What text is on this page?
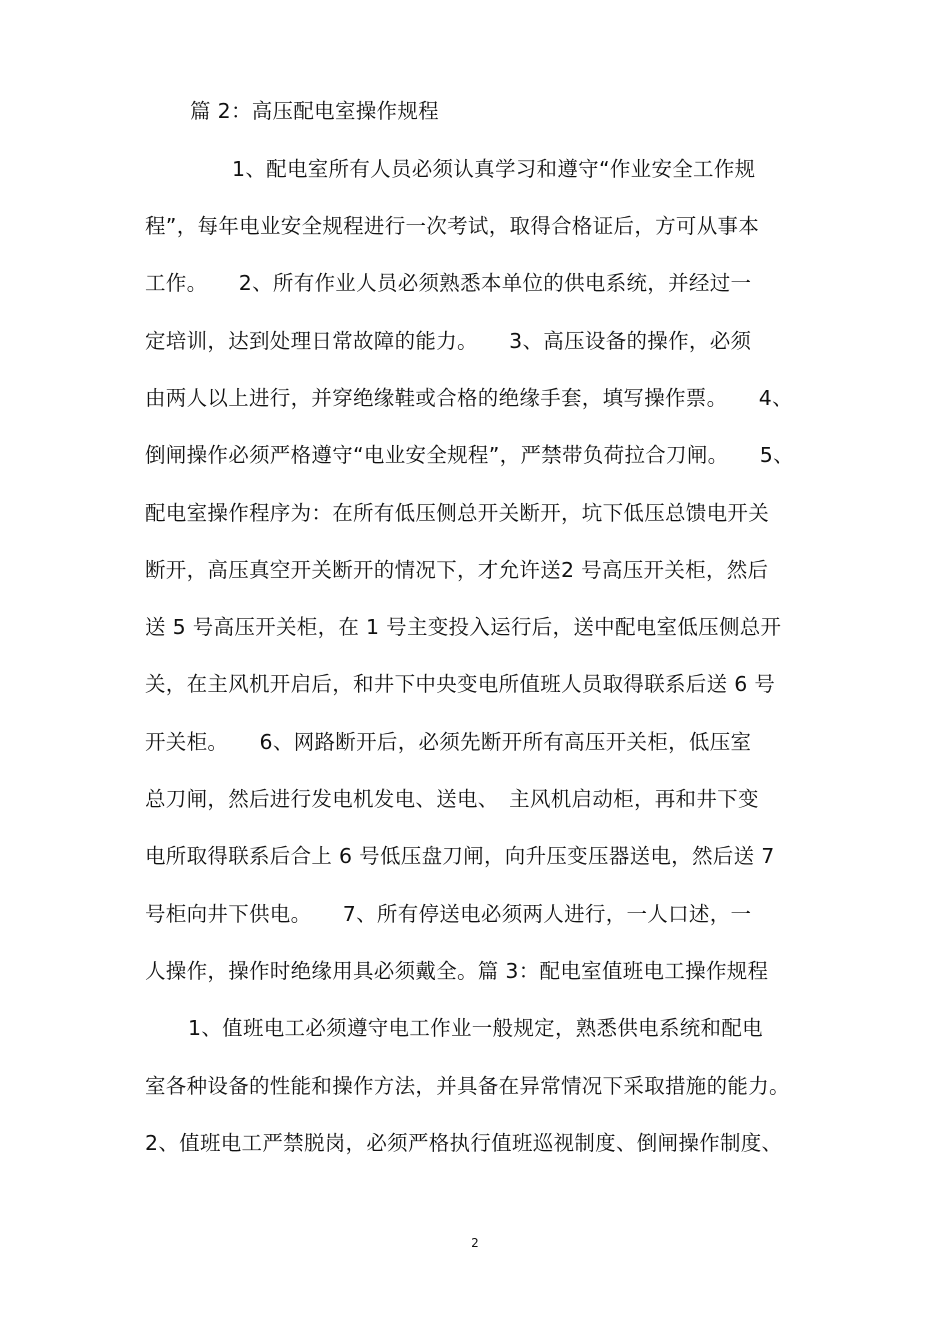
篇 2：高压配电室操作规程
1、配电室所有人员必须认真学习和遵守“作业安全工作规
程”，每年电业安全规程进行一次考试，取得合格证后，方可从事本
工作。　　2、所有作业人员必须熟悉本单位的供电系统，并经过一
定培训，达到处理日常故障的能力。　　3、高压设备的操作，必须
由两人以上进行，并穿绝缘鞋或合格的绝缘手套，填写操作票。　　4、
倒闸操作必须严格遵守“电业安全规程”，严禁带负荷拉合刀闸。　　5、
配电室操作程序为：在所有低压侧总开关断开，坑下低压总馈电开关
断开，高压真空开关断开的情况下，才允许送2 号高压开关柜，然后
送 5 号高压开关柜，在 1 号主变投入运行后，送中配电室低压侧总开
关，在主风机开启后，和井下中央变电所值班人员取得联系后送 6 号
开关柜。　　6、网路断开后，必须先断开所有高压开关柜，低压室
总刀闸，然后进行发电机发电、送电、　主风机启动柜，再和井下变
电所取得联系后合上 6 号低压盘刀闸，向升压变压器送电，然后送 7
号柜向井下供电。　　7、所有停送电必须两人进行，一人口述，一
人操作，操作时绝缘用具必须戴全。篇 3：配电室值班电工操作规程
1、值班电工必须遵守电工作业一般规定，熟悉供电系统和配电
室各种设备的性能和操作方法，并具备在异常情况下采取措施的能力。
2、值班电工严禁脱岗，必须严格执行值班巡视制度、倒闸操作制度、
2
